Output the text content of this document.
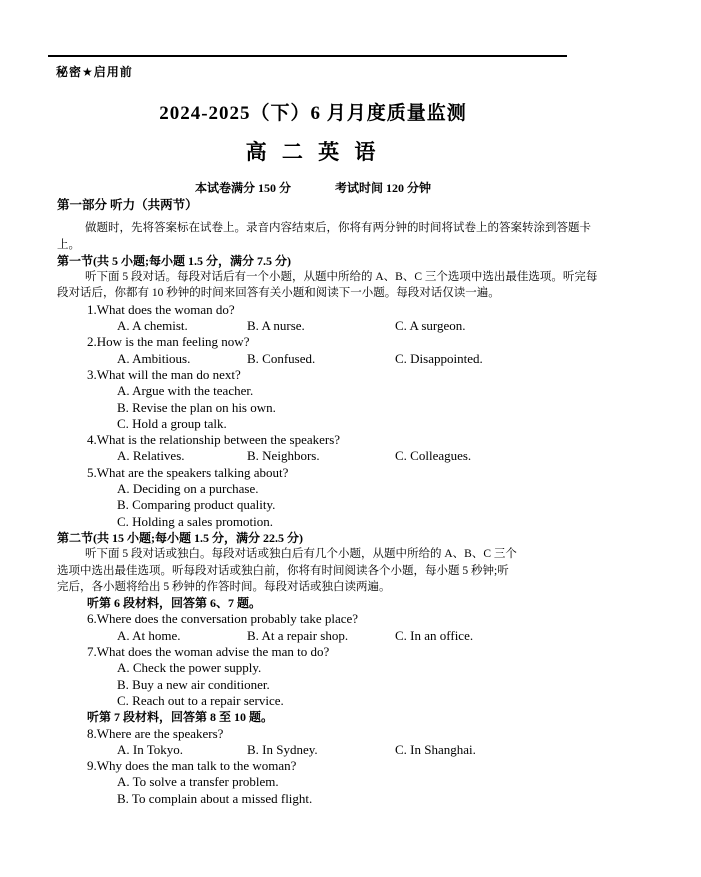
秘密★启用前
2024-2025（下）6 月月度质量监测
高 二 英 语
本试卷满分 150 分	考试时间 120 分钟
第一部分 听力（共两节）
做题时，先将答案标在试卷上。录音内容结束后，你将有两分钟的时间将试卷上的答案转涂到答题卡
上。
第一节(共 5 小题;每小题 1.5 分，满分 7.5 分)
听下面 5 段对话。每段对话后有一个小题，从题中所给的 A、B、C 三个选项中选出最佳选项。听完每
段对话后，你都有 10 秒钟的时间来回答有关小题和阅读下一小题。每段对话仅读一遍。
1.What does the woman do?
A. A chemist.	B. A nurse.	C. A surgeon.
2.How is the man feeling now?
A. Ambitious.	B. Confused.	C. Disappointed.
3.What will the man do next?
A. Argue with the teacher.
B. Revise the plan on his own.
C. Hold a group talk.
4.What is the relationship between the speakers?
A. Relatives.	B. Neighbors.	C. Colleagues.
5.What are the speakers talking about?
A. Deciding on a purchase.
B. Comparing product quality.
C. Holding a sales promotion.
第二节(共 15 小题;每小题 1.5 分，满分 22.5 分)
听下面 5 段对话或独白。每段对话或独白后有几个小题，从题中所给的 A、B、C 三个
选项中选出最佳选项。听每段对话或独白前，你将有时间阅读各个小题，每小题 5 秒钟;听
完后，各小题将给出 5 秒钟的作答时间。每段对话或独白读两遍。
听第 6 段材料，回答第 6、7 题。
6.Where does the conversation probably take place?
A. At home.	B. At a repair shop.	C. In an office.
7.What does the woman advise the man to do?
A. Check the power supply.
B. Buy a new air conditioner.
C. Reach out to a repair service.
听第 7 段材料，回答第 8 至 10 题。
8.Where are the speakers?
A. In Tokyo.	B. In Sydney.	C. In Shanghai.
9.Why does the man talk to the woman?
A. To solve a transfer problem.
B. To complain about a missed flight.
